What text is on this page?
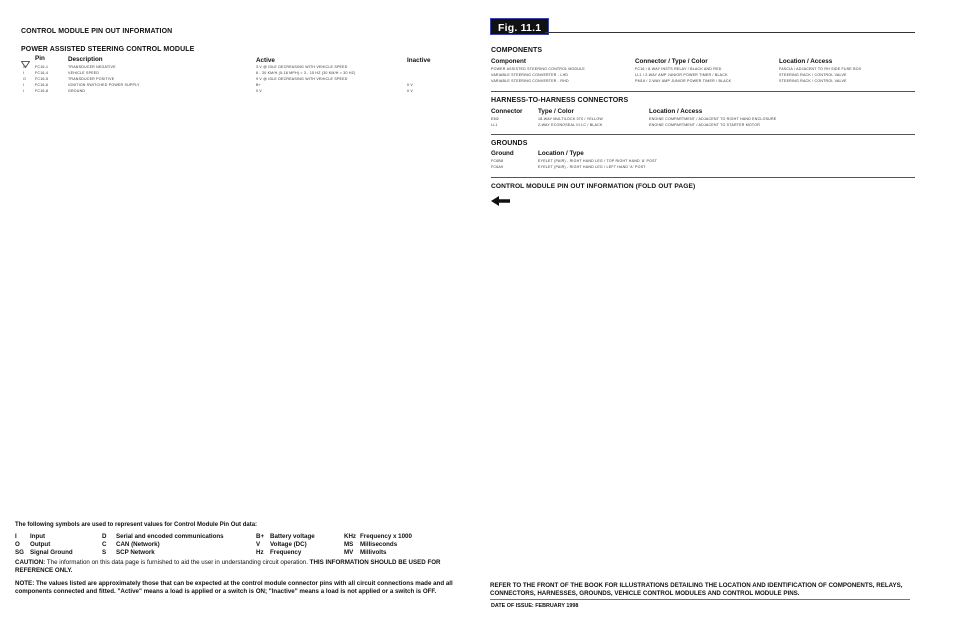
CONTROL MODULE PIN OUT INFORMATION
POWER ASSISTED STEERING CONTROL MODULE
Pin	Description	Active	Inactive
O	FC16-1	TRANSDUCER NEGATIVE	3 V @ IDLE DECREASING WITH VEHICLE SPEED
I	FC16-4	VEHICLE SPEED	8 - 30 KM/H (5-18 MPH) = 3 - 15 HZ (30 KM/H = 30 HZ)
O	FC16-5	TRANSDUCER POSITIVE	9 V @ IDLE DECREASING WITH VEHICLE SPEED
I	FC16-6	IGNITION SWITCHED POWER SUPPLY	B+	0 V
I	FC16-8	GROUND	0 V	0 V
The following symbols are used to represent values for Control Module Pin Out data:
I Input	D Serial and encoded communications	B+ Battery voltage	KHz Frequency x 1000
O Output	C CAN (Network)	V Voltage (DC)	MS Milliseconds
SG Signal Ground	S SCP Network	Hz Frequency	MV Millivolts
CAUTION: The information on this data page is furnished to aid the user in understanding circuit operation. THIS INFORMATION SHOULD BE USED FOR REFERENCE ONLY.
NOTE: The values listed are approximately those that can be expected at the control module connector pins with all circuit connections made and all components connected and fitted. "Active" means a load is applied or a switch is ON; "Inactive" means a load is not applied or a switch is OFF.
Fig. 11.1
COMPONENTS
Component	Connector / Type / Color	Location / Access
POWER ASSISTED STEERING CONTROL MODULE	FC16 / 8-WAY INSTS RELAY / BLACK AND RED	FASCIA / ADJACENT TO RH SIDE FUSE BOX
VARIABLE STEERING CONVERTER - LHD	LL1 / 2-WAY AMP JUNIOR POWER TIMER / BLACK	STEERING RACK / CONTROL VALVE
VARIABLE STEERING CONVERTER - RHD	PM16 / 2-WAY AMP JUNIOR POWER TIMER / BLACK	STEERING RACK / CONTROL VALVE
HARNESS-TO-HARNESS CONNECTORS
Connector Type / Color	Location / Access
EM2	18-WAY MULTILOCK 070 / YELLOW	ENGINE COMPARTMENT / ADJACENT TO RIGHT HAND ENCLOSURE
LL1	2-WAY ECONOSEAL III LC / BLACK	ENGINE COMPARTMENT / ADJACENT TO STARTER MOTOR
GROUNDS
Ground	Location / Type
FC6B8	EYELET (PAIR) - RIGHT HAND LEG / TOP RIGHT HAND 'A' POST
FC6A9	EYELET (PAIR) - RIGHT HAND LEG / LEFT HAND 'A' POST
CONTROL MODULE PIN OUT INFORMATION (FOLD OUT PAGE)
REFER TO THE FRONT OF THE BOOK FOR ILLUSTRATIONS DETAILING THE LOCATION AND IDENTIFICATION OF COMPONENTS, RELAYS, CONNECTORS, HARNESSES, GROUNDS, VEHICLE CONTROL MODULES AND CONTROL MODULE PINS.
DATE OF ISSUE: FEBRUARY 1998
